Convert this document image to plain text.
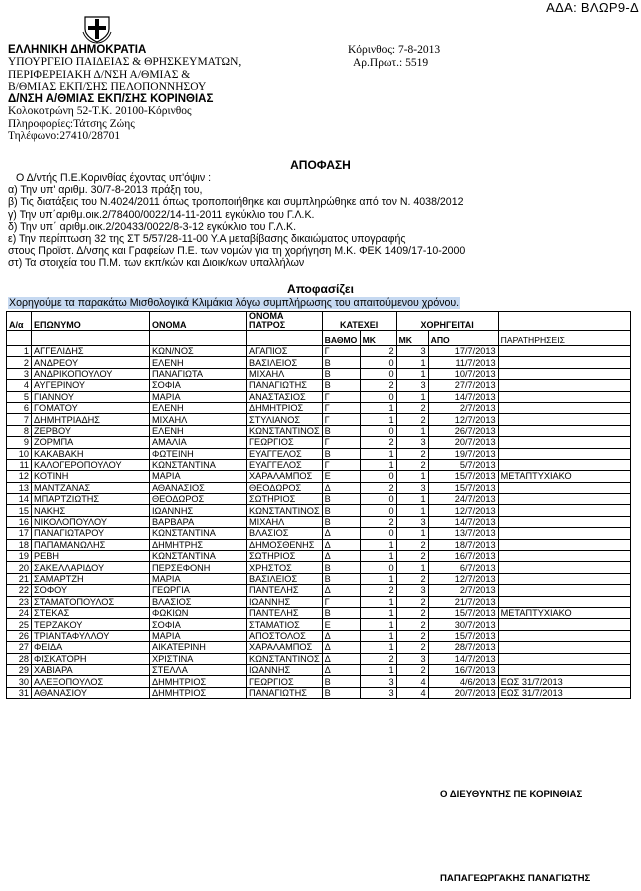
ΑΔΑ: ΒΛΩΡ9-Δ
ΕΛΛΗΝΙΚΗ ΔΗΜΟΚΡΑΤΙΑ
ΥΠΟΥΡΓΕΙΟ ΠΑΙΔΕΙΑΣ & ΘΡΗΣΚΕΥΜΑΤΩΝ,
ΠΕΡΙΦΕΡΕΙΑΚΗ Δ/ΝΣΗ Α/ΘΜΙΑΣ &
Β/ΘΜΙΑΣ ΕΚΠ/ΣΗΣ ΠΕΛΟΠΟΝΝΗΣΟΥ
Δ/ΝΣΗ Α/ΘΜΙΑΣ ΕΚΠ/ΣΗΣ ΚΟΡΙΝΘΙΑΣ
Κολοκοτρώνη 52-Τ.Κ. 20100-Κόρινθος
Πληροφορίες:Τάτσης Ζώης
Τηλέφωνο:27410/28701
Κόρινθος: 7-8-2013
Αρ.Πρωτ.: 5519
ΑΠΟΦΑΣΗ
Ο Δ/ντής Π.Ε.Κορινθίας έχοντας υπ'όψιν :
α) Την υπ' αριθμ. 30/7-8-2013 πράξη του,
β) Τις διατάξεις του Ν.4024/2011 όπως τροποποιήθηκε και συμπληρώθηκε από τον Ν. 4038/2012
γ) Την υπ΄αριθμ.οικ.2/78400/0022/14-11-2011 εγκύκλιο του Γ.Λ.Κ.
δ) Την υπ΄ αριθμ.οικ.2/20433/0022/8-3-12 εγκύκλιο του Γ.Λ.Κ.
ε) Την περίπτωση 32 της ΣΤ 5/57/28-11-00 Υ.Α μεταβίβασης δικαιώματος υπογραφής
στους Προϊστ. Δ/νσης και Γραφείων Π.Ε. των νομών για τη χορήγηση Μ.Κ. ΦΕΚ 1409/17-10-2000
στ) Τα στοιχεία του Π.Μ. των εκπ/κών και Διοικ/κων υπαλλήλων
Αποφασίζει
Χορηγούμε τα παρακάτω Μισθολογικά Κλιμάκια λόγω συμπλήρωσης του απαιτούμενου χρόνου.
Α/α	ΕΠΩΝΥΜΟ	ΟΝΟΜΑ	ΟΝΟΜΑ ΠΑΤΡΟΣ	ΚΑΤΕΧΕΙ		ΧΟΡΗΓΕΙΤΑΙ		
				ΒΑΘΜΟ	ΜΚ	ΜΚ	ΑΠΟ	ΠΑΡΑΤΗΡΗΣΕΙΣ
1	ΑΓΓΕΛΙΔΗΣ	ΚΩΝ/ΝΟΣ	ΑΓΑΠΙΟΣ	Γ	2	3	17/7/2013	
2	ΑΝΔΡΕΟΥ	ΕΛΕΝΗ	ΒΑΣΙΛΕΙΟΣ	Β	0	1	11/7/2013	
3	ΑΝΔΡΙΚΟΠΟΥΛΟΥ	ΠΑΝΑΓΙΩΤΑ	ΜΙΧΑΗΛ	Β	0	1	10/7/2013	
4	ΑΥΓΕΡΙΝΟΥ	ΣΟΦΙΑ	ΠΑΝΑΓΙΩΤΗΣ	Β	2	3	27/7/2013	
5	ΓΙΑΝΝΟΥ	ΜΑΡΙΑ	ΑΝΑΣΤΑΣΙΟΣ	Γ	0	1	14/7/2013	
6	ΓΟΜΑΤΟΥ	ΕΛΕΝΗ	ΔΗΜΗΤΡΙΟΣ	Γ	1	2	2/7/2013	
7	ΔΗΜΗΤΡΙΑΔΗΣ	ΜΙΧΑΗΛ	ΣΤΥΛΙΑΝΟΣ	Γ	1	2	12/7/2013	
8	ΖΕΡΒΟΥ	ΕΛΕΝΗ	ΚΩΝΣΤΑΝΤΙΝΟΣ	Β	0	1	26/7/2013	
9	ΖΟΡΜΠΑ	ΑΜΑΛΙΑ	ΓΕΩΡΓΙΟΣ	Γ	2	3	20/7/2013	
10	ΚΑΚΑΒΑΚΗ	ΦΩΤΕΙΝΗ	ΕΥΑΓΓΕΛΟΣ	Β	1	2	19/7/2013	
11	ΚΑΛΟΓΕΡΟΠΟΥΛΟΥ	ΚΩΝΣΤΑΝΤΙΝΑ	ΕΥΑΓΓΕΛΟΣ	Γ	1	2	5/7/2013	
12	ΚΟΤΙΝΗ	ΜΑΡΙΑ	ΧΑΡΑΛΑΜΠΟΣ	Ε	0	1	15/7/2013	ΜΕΤΑΠΤΥΧΙΑΚΟ
13	ΜΑΝΤΖΑΝΑΣ	ΑΘΑΝΑΣΙΟΣ	ΘΕΟΔΩΡΟΣ	Δ	2	3	15/7/2013	
14	ΜΠΑΡΤΖΙΩΤΗΣ	ΘΕΟΔΩΡΟΣ	ΣΩΤΗΡΙΟΣ	Β	0	1	24/7/2013	
15	ΝΑΚΗΣ	ΙΩΑΝΝΗΣ	ΚΩΝΣΤΑΝΤΙΝΟΣ	Β	0	1	12/7/2013	
16	ΝΙΚΟΛΟΠΟΥΛΟΥ	ΒΑΡΒΑΡΑ	ΜΙΧΑΗΛ	Β	2	3	14/7/2013	
17	ΠΑΝΑΓΙΩΤΑΡΟΥ	ΚΩΝΣΤΑΝΤΙΝΑ	ΒΛΑΣΙΟΣ	Δ	0	1	13/7/2013	
18	ΠΑΠΑΜΑΝΩΛΗΣ	ΔΗΜΗΤΡΗΣ	ΔΗΜΟΣΘΕΝΗΣ	Δ	1	2	18/7/2013	
19	ΡΕΒΗ	ΚΩΝΣΤΑΝΤΙΝΑ	ΣΩΤΗΡΙΟΣ	Δ	1	2	16/7/2013	
20	ΣΑΚΕΛΛΑΡΙΔΟΥ	ΠΕΡΣΕΦΟΝΗ	ΧΡΗΣΤΟΣ	Β	0	1	6/7/2013	
21	ΣΑΜΑΡΤΖΗ	ΜΑΡΙΑ	ΒΑΣΙΛΕΙΟΣ	Β	1	2	12/7/2013	
22	ΣΟΦΟΥ	ΓΕΩΡΓΙΑ	ΠΑΝΤΕΛΗΣ	Δ	2	3	2/7/2013	
23	ΣΤΑΜΑΤΟΠΟΥΛΟΣ	ΒΛΑΣΙΟΣ	ΙΩΑΝΝΗΣ	Γ	1	2	21/7/2013	
24	ΣΤΕΚΑΣ	ΦΩΚΙΩΝ	ΠΑΝΤΕΛΗΣ	Β	1	2	15/7/2013	ΜΕΤΑΠΤΥΧΙΑΚΟ
25	ΤΕΡΖΑΚΟΥ	ΣΟΦΙΑ	ΣΤΑΜΑΤΙΟΣ	Ε	1	2	30/7/2013	
26	ΤΡΙΑΝΤΑΦΥΛΛΟΥ	ΜΑΡΙΑ	ΑΠΟΣΤΟΛΟΣ	Δ	1	2	15/7/2013	
27	ΦΕΙΔΑ	ΑΙΚΑΤΕΡΙΝΗ	ΧΑΡΑΛΑΜΠΟΣ	Δ	1	2	28/7/2013	
28	ΦΙΣΚΑΤΟΡΗ	ΧΡΙΣΤΙΝΑ	ΚΩΝΣΤΑΝΤΙΝΟΣ	Δ	2	3	14/7/2013	
29	ΧΑΒΙΑΡΑ	ΣΤΕΛΛΑ	ΙΩΑΝΝΗΣ	Δ	1	2	16/7/2013	
30	ΑΛΕΞΟΠΟΥΛΟΣ	ΔΗΜΗΤΡΙΟΣ	ΓΕΩΡΓΙΟΣ	Β	3	4	4/6/2013	ΕΩΣ 31/7/2013
31	ΑΘΑΝΑΣΙΟΥ	ΔΗΜΗΤΡΙΟΣ	ΠΑΝΑΓΙΩΤΗΣ	Β	3	4	20/7/2013	ΕΩΣ 31/7/2013
Ο ΔΙΕΥΘΥΝΤΗΣ ΠΕ ΚΟΡΙΝΘΙΑΣ
ΠΑΠΑΓΕΩΡΓΑΚΗΣ ΠΑΝΑΓΙΩΤΗΣ
